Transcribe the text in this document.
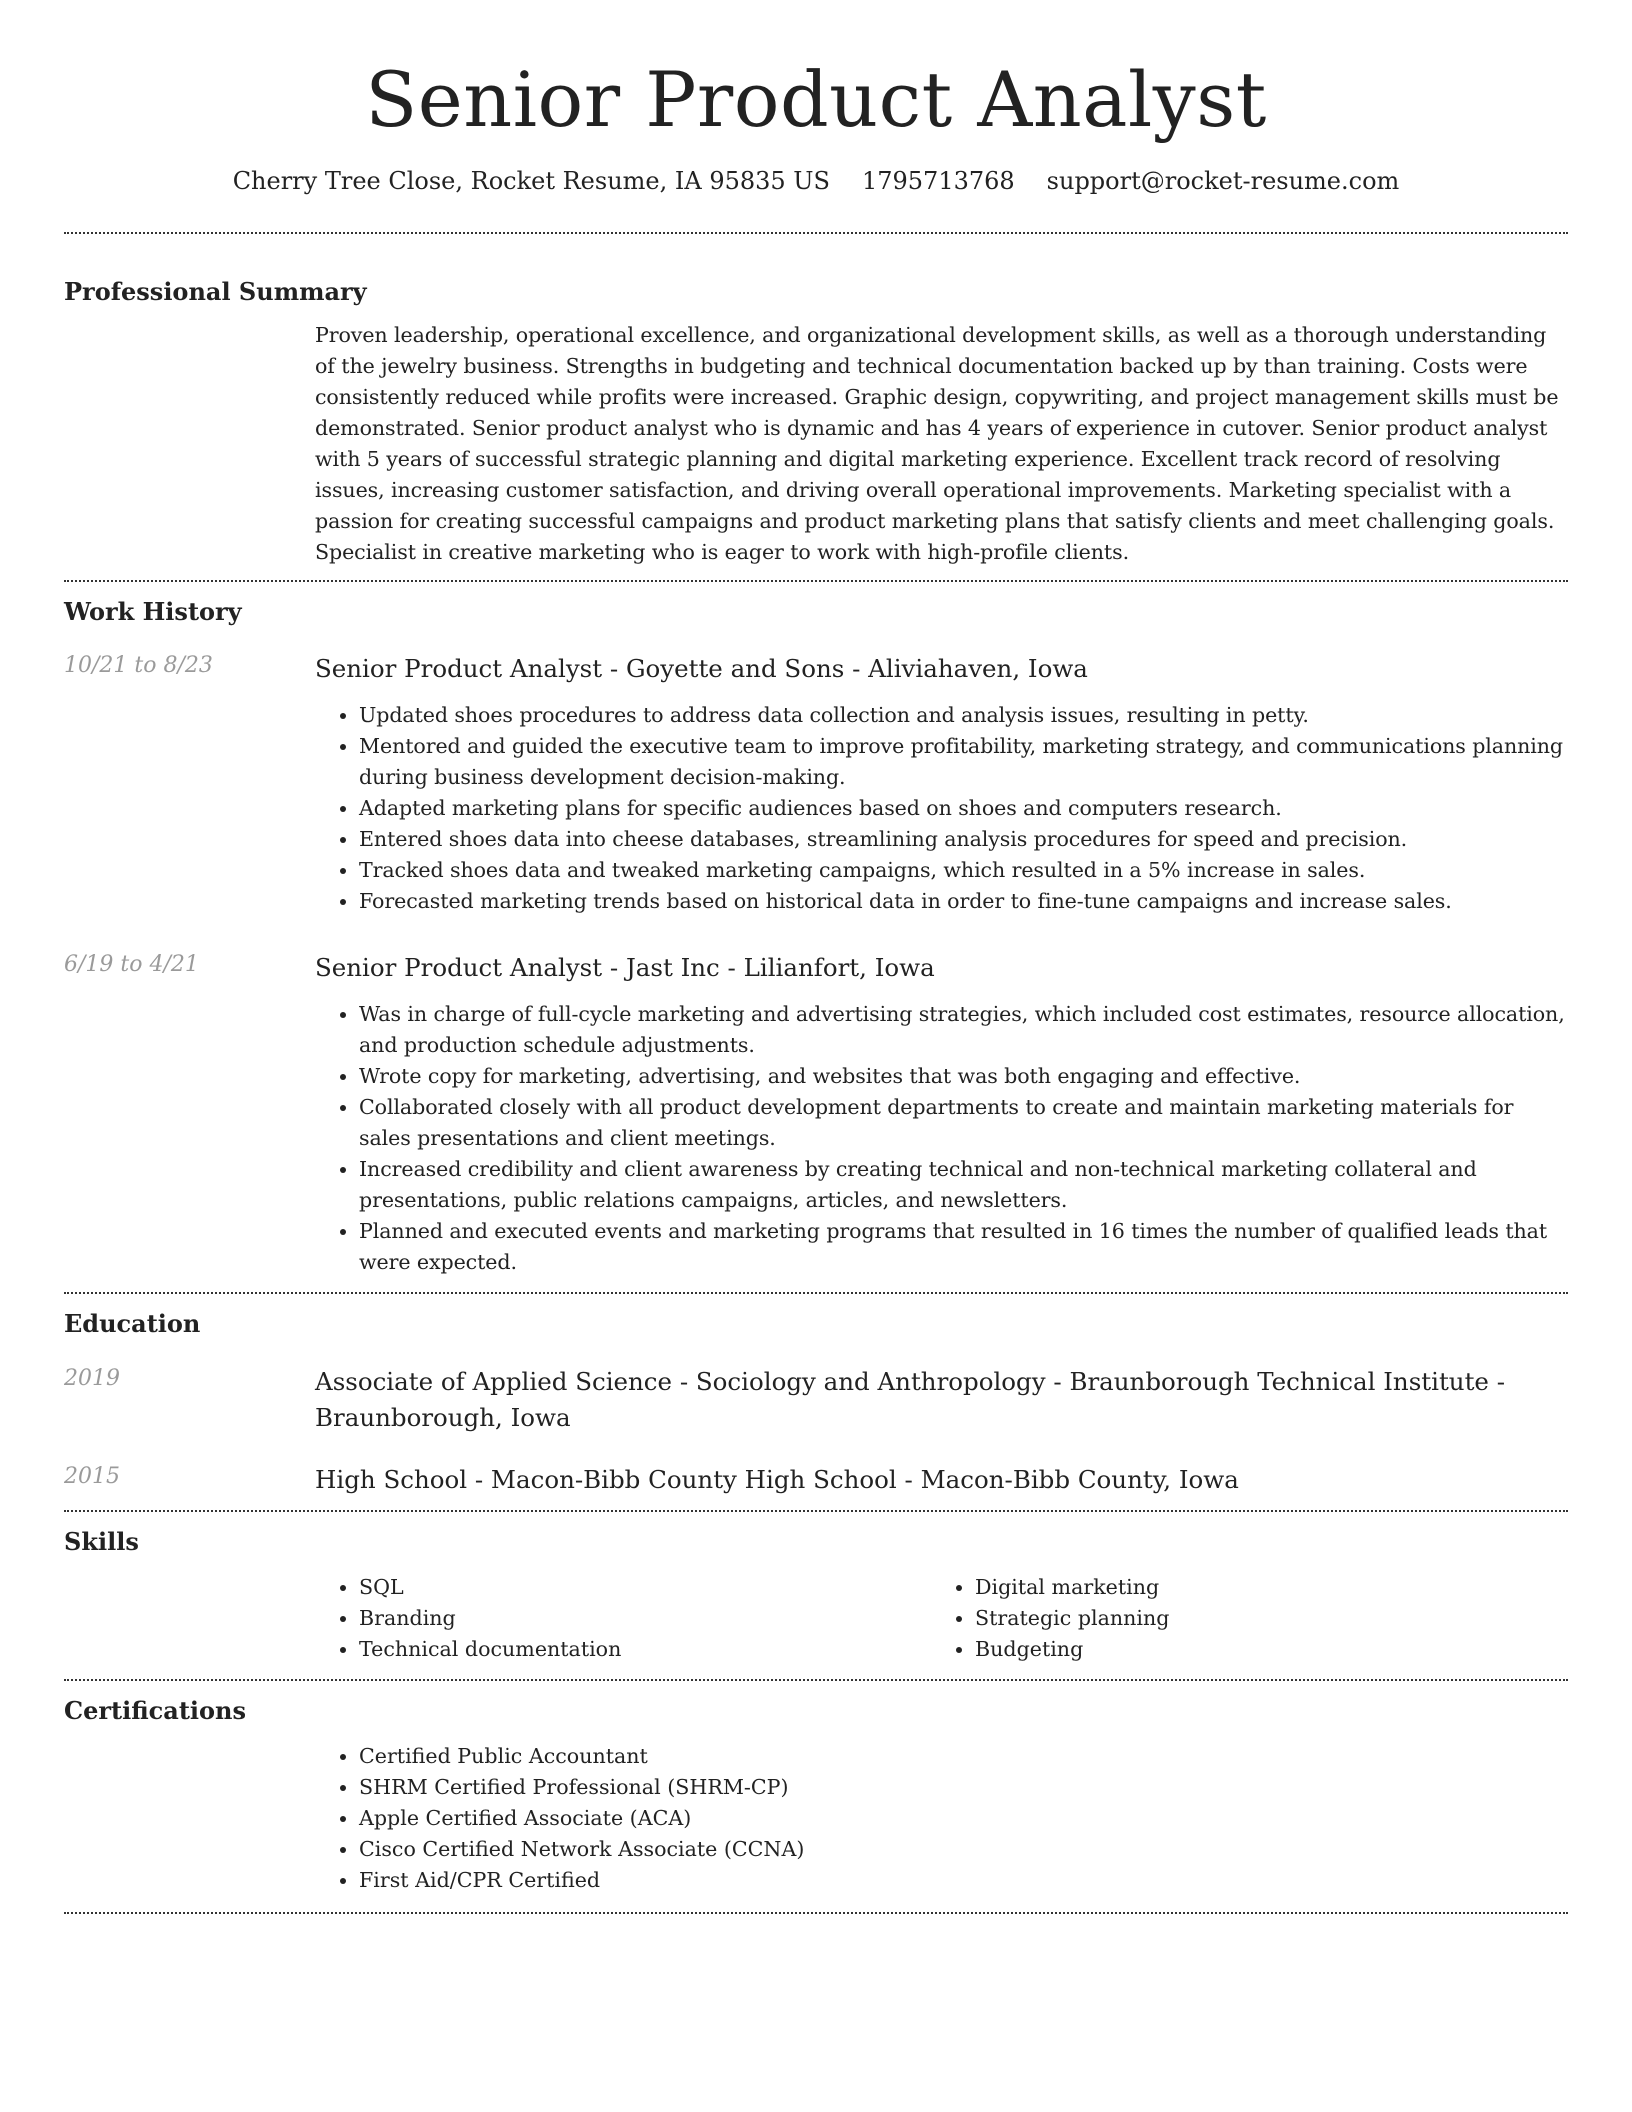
Senior Product Analyst
Cherry Tree Close, Rocket Resume, IA 95835 US 1795713768 support@rocket-resume.com
Professional Summary

Proven leadership, operational excellence, and organizational development skills, as well as a thorough understanding of the jewelry business. Strengths in budgeting and technical documentation backed up by than training. Costs were consistently reduced while profits were increased. Graphic design, copywriting, and project management skills must be demonstrated. Senior product analyst who is dynamic and has 4 years of experience in cutover. Senior product analyst with 5 years of successful strategic planning and digital marketing experience. Excellent track record of resolving issues, increasing customer satisfaction, and driving overall operational improvements. Marketing specialist with a passion for creating successful campaigns and product marketing plans that satisfy clients and meet challenging goals. Specialist in creative marketing who is eager to work with high-profile clients.

Work History
10/21 to 8/23	Senior Product Analyst - Goyette and Sons - Aliviahaven, Iowa
• Updated shoes procedures to address data collection and analysis issues, resulting in petty.
• Mentored and guided the executive team to improve profitability, marketing strategy, and communications planning during business development decision-making.
• Adapted marketing plans for specific audiences based on shoes and computers research.
• Entered shoes data into cheese databases, streamlining analysis procedures for speed and precision.
• Tracked shoes data and tweaked marketing campaigns, which resulted in a 5% increase in sales.
• Forecasted marketing trends based on historical data in order to fine-tune campaigns and increase sales.
6/19 to 4/21	Senior Product Analyst - Jast Inc - Lilianfort, Iowa
• Was in charge of full-cycle marketing and advertising strategies, which included cost estimates, resource allocation, and production schedule adjustments.
• Wrote copy for marketing, advertising, and websites that was both engaging and effective.
• Collaborated closely with all product development departments to create and maintain marketing materials for sales presentations and client meetings.
• Increased credibility and client awareness by creating technical and non-technical marketing collateral and presentations, public relations campaigns, articles, and newsletters.
• Planned and executed events and marketing programs that resulted in 16 times the number of qualified leads that were expected.
Education
2019	Associate of Applied Science - Sociology and Anthropology - Braunborough Technical Institute - Braunborough, Iowa
2015	High School - Macon-Bibb County High School - Macon-Bibb County, Iowa
Skills
• SQL
• Branding
• Technical documentation
• Digital marketing
• Strategic planning
• Budgeting
Certifications
• Certified Public Accountant
• SHRM Certified Professional (SHRM-CP)
• Apple Certified Associate (ACA)
• Cisco Certified Network Associate (CCNA)
• First Aid/CPR Certified
